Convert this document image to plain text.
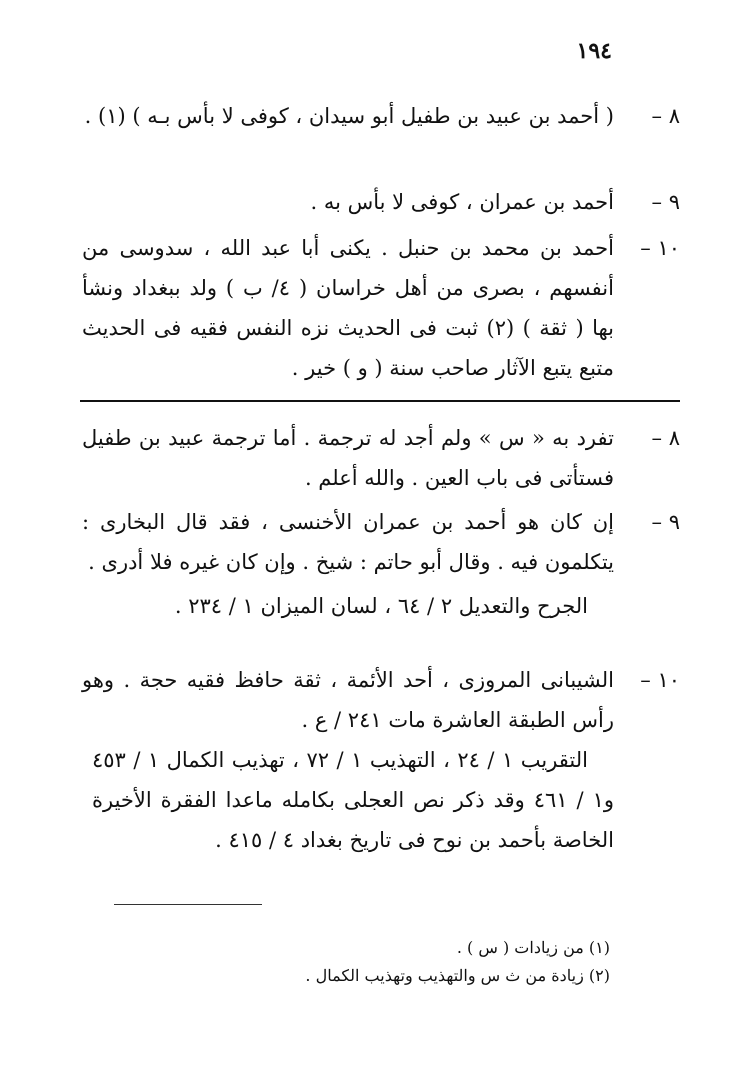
١٩٤
٨ –
( أحمد بن عبيد بن طفيل أبو سيدان ، كوفى لا بأس بـه ) (١) .
٩ –
أحمد بن عمران ، كوفى لا بأس به .
١٠ –
أحمد بن محمد بن حنبل . يكنى أبا عبد الله ، سدوسى من أنفسهم ، بصرى من أهل خراسان ( ٤/ ب ) ولد ببغداد ونشأ بها ( ثقة ) (٢) ثبت فى الحديث نزه النفس فقيه فى الحديث متبع يتبع الآثار صاحب سنة ( و ) خير .
٨ –
تفرد به « س » ولم أجد له ترجمة . أما ترجمة عبيد بن طفيل فستأتى فى باب العين . والله أعلم .
٩ –
إن كان هو أحمد بن عمران الأخنسى ، فقد قال البخارى : يتكلمون فيه . وقال أبو حاتم : شيخ . وإن كان غيره فلا أدرى .
الجرح والتعديل ٢ / ٦٤ ، لسان الميزان ١ / ٢٣٤ .
١٠ –
الشيبانى المروزى ، أحد الأئمة ، ثقة حافظ فقيه حجة . وهو رأس الطبقة العاشرة مات ٢٤١ / ع .
التقريب ١ / ٢٤ ، التهذيب ١ / ٧٢ ، تهذيب الكمال ١ / ٤٥٣ و١ / ٤٦١ وقد ذكر نص العجلى بكامله ماعدا الفقرة الأخيرة الخاصة بأحمد بن نوح فى تاريخ بغداد ٤ / ٤١٥ .
(١) من زيادات ( س ) .
(٢) زيادة من ث س والتهذيب وتهذيب الكمال .
